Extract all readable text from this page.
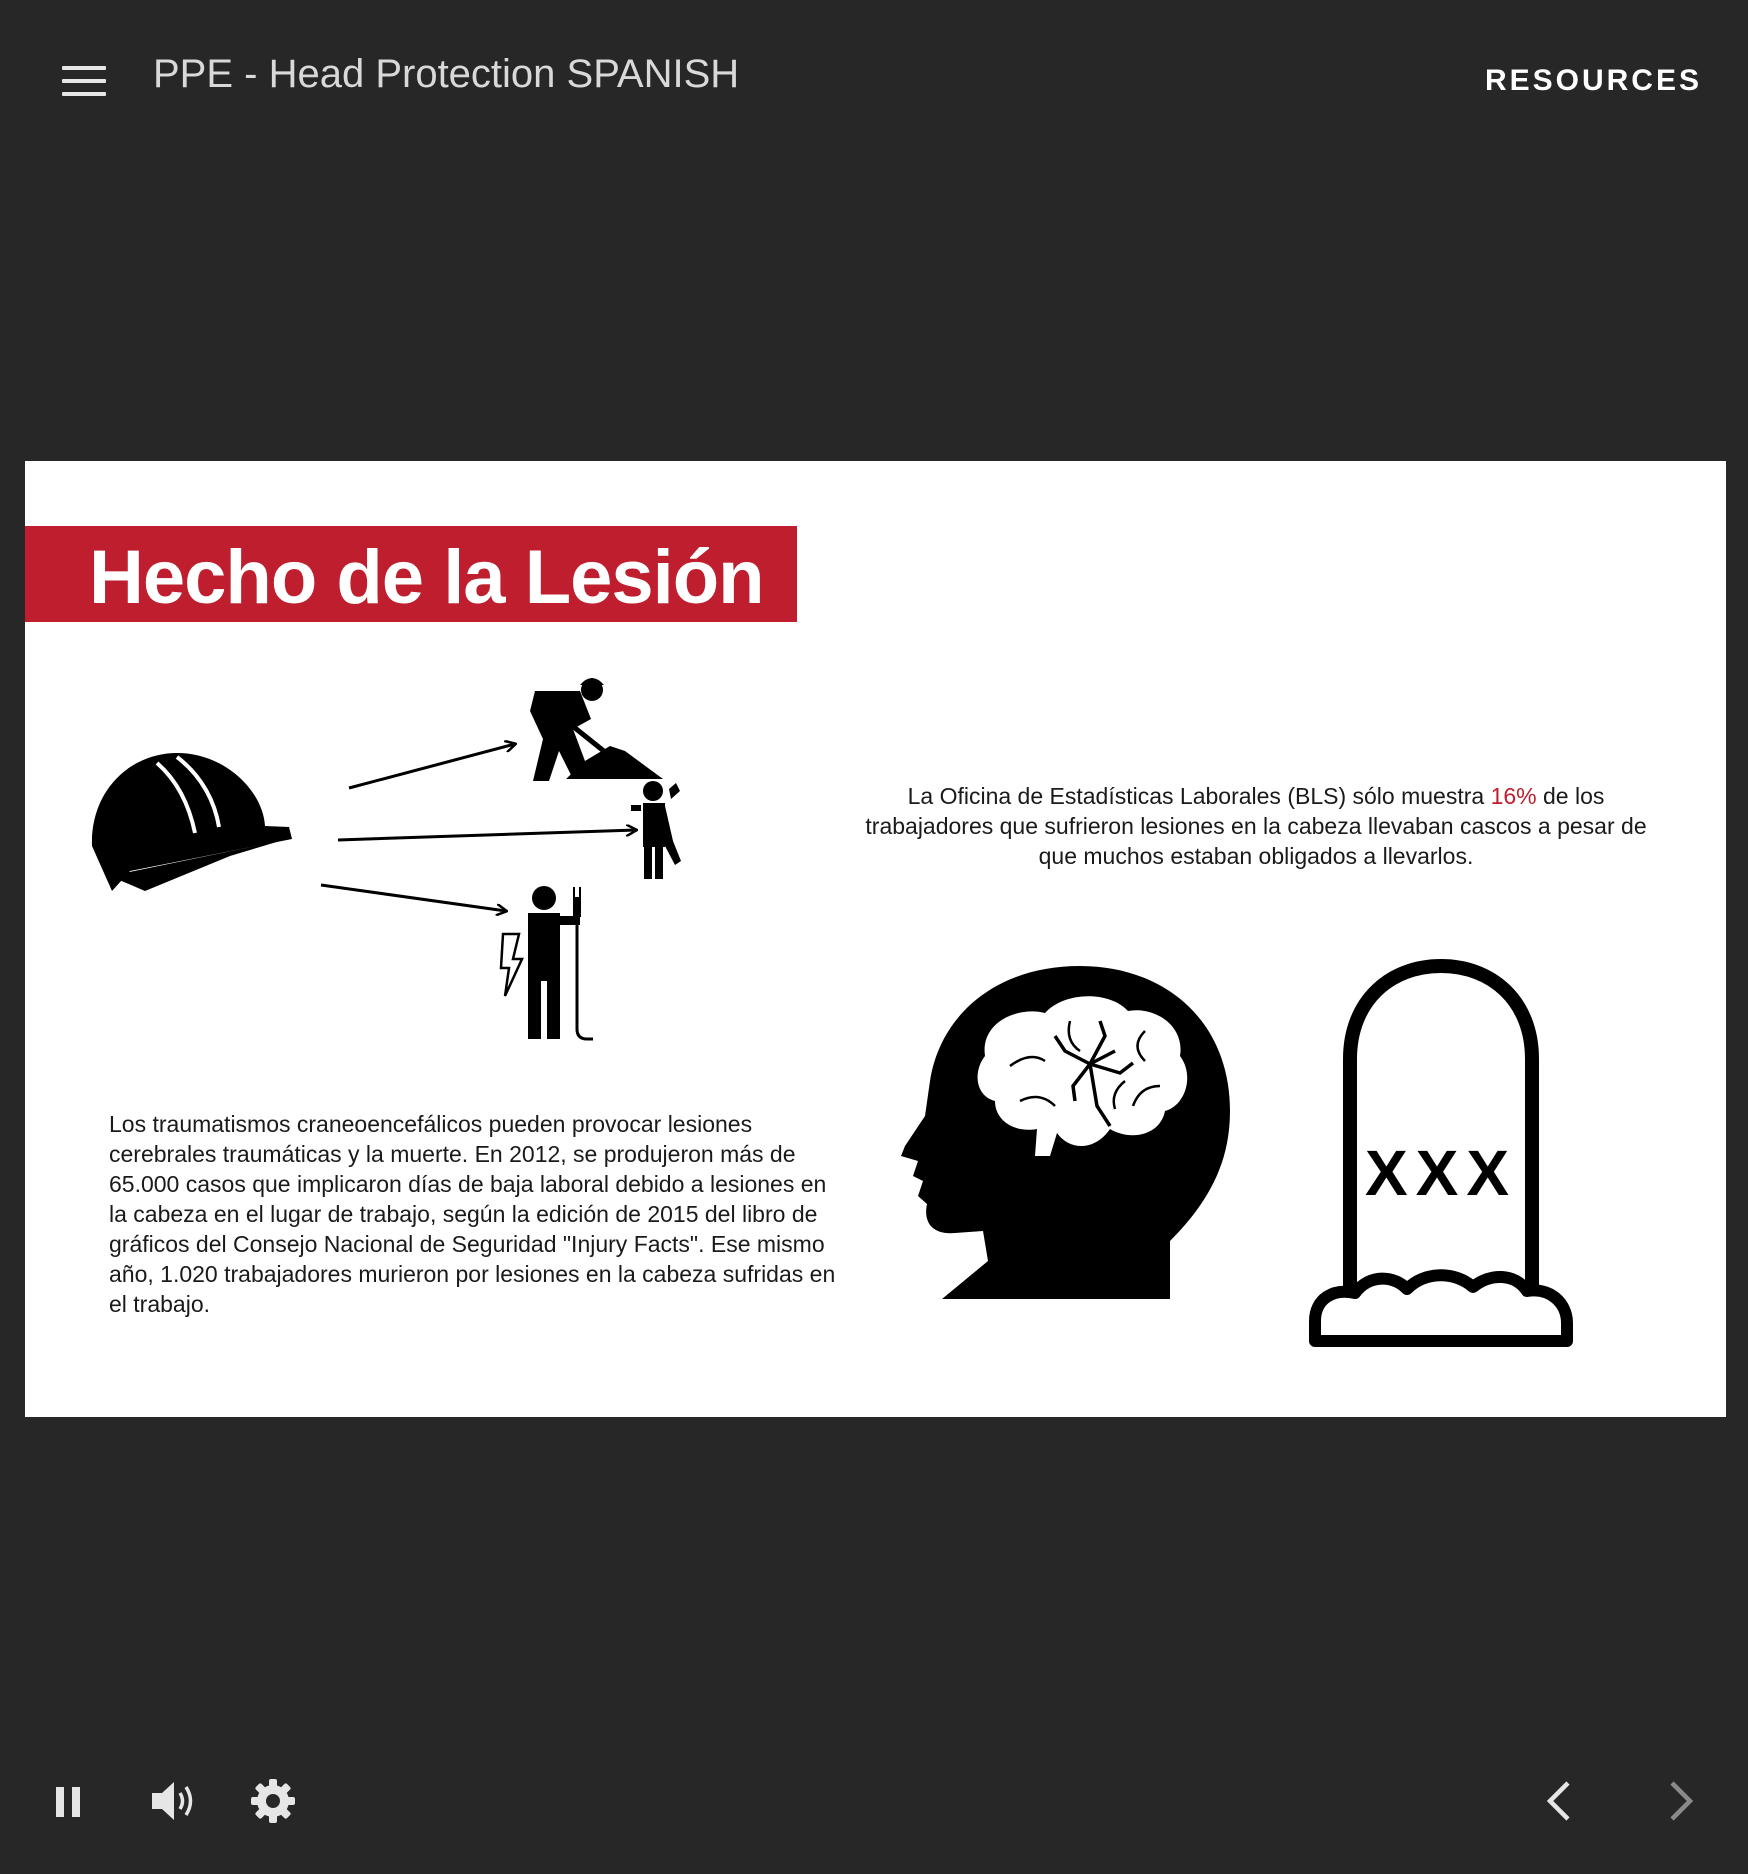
PPE - Head Protection SPANISH	RESOURCES
Hecho de la Lesión
XXX
La Oficina de Estadísticas Laborales (BLS) sólo muestra 16% de los trabajadores que sufrieron lesiones en la cabeza llevaban cascos a pesar de que muchos estaban obligados a llevarlos.
Los traumatismos craneoencefálicos pueden provocar lesiones cerebrales traumáticas y la muerte. En 2012, se produjeron más de 65.000 casos que implicaron días de baja laboral debido a lesiones en la cabeza en el lugar de trabajo, según la edición de 2015 del libro de gráficos del Consejo Nacional de Seguridad "Injury Facts". Ese mismo año, 1.020 trabajadores murieron por lesiones en la cabeza sufridas en el trabajo.
